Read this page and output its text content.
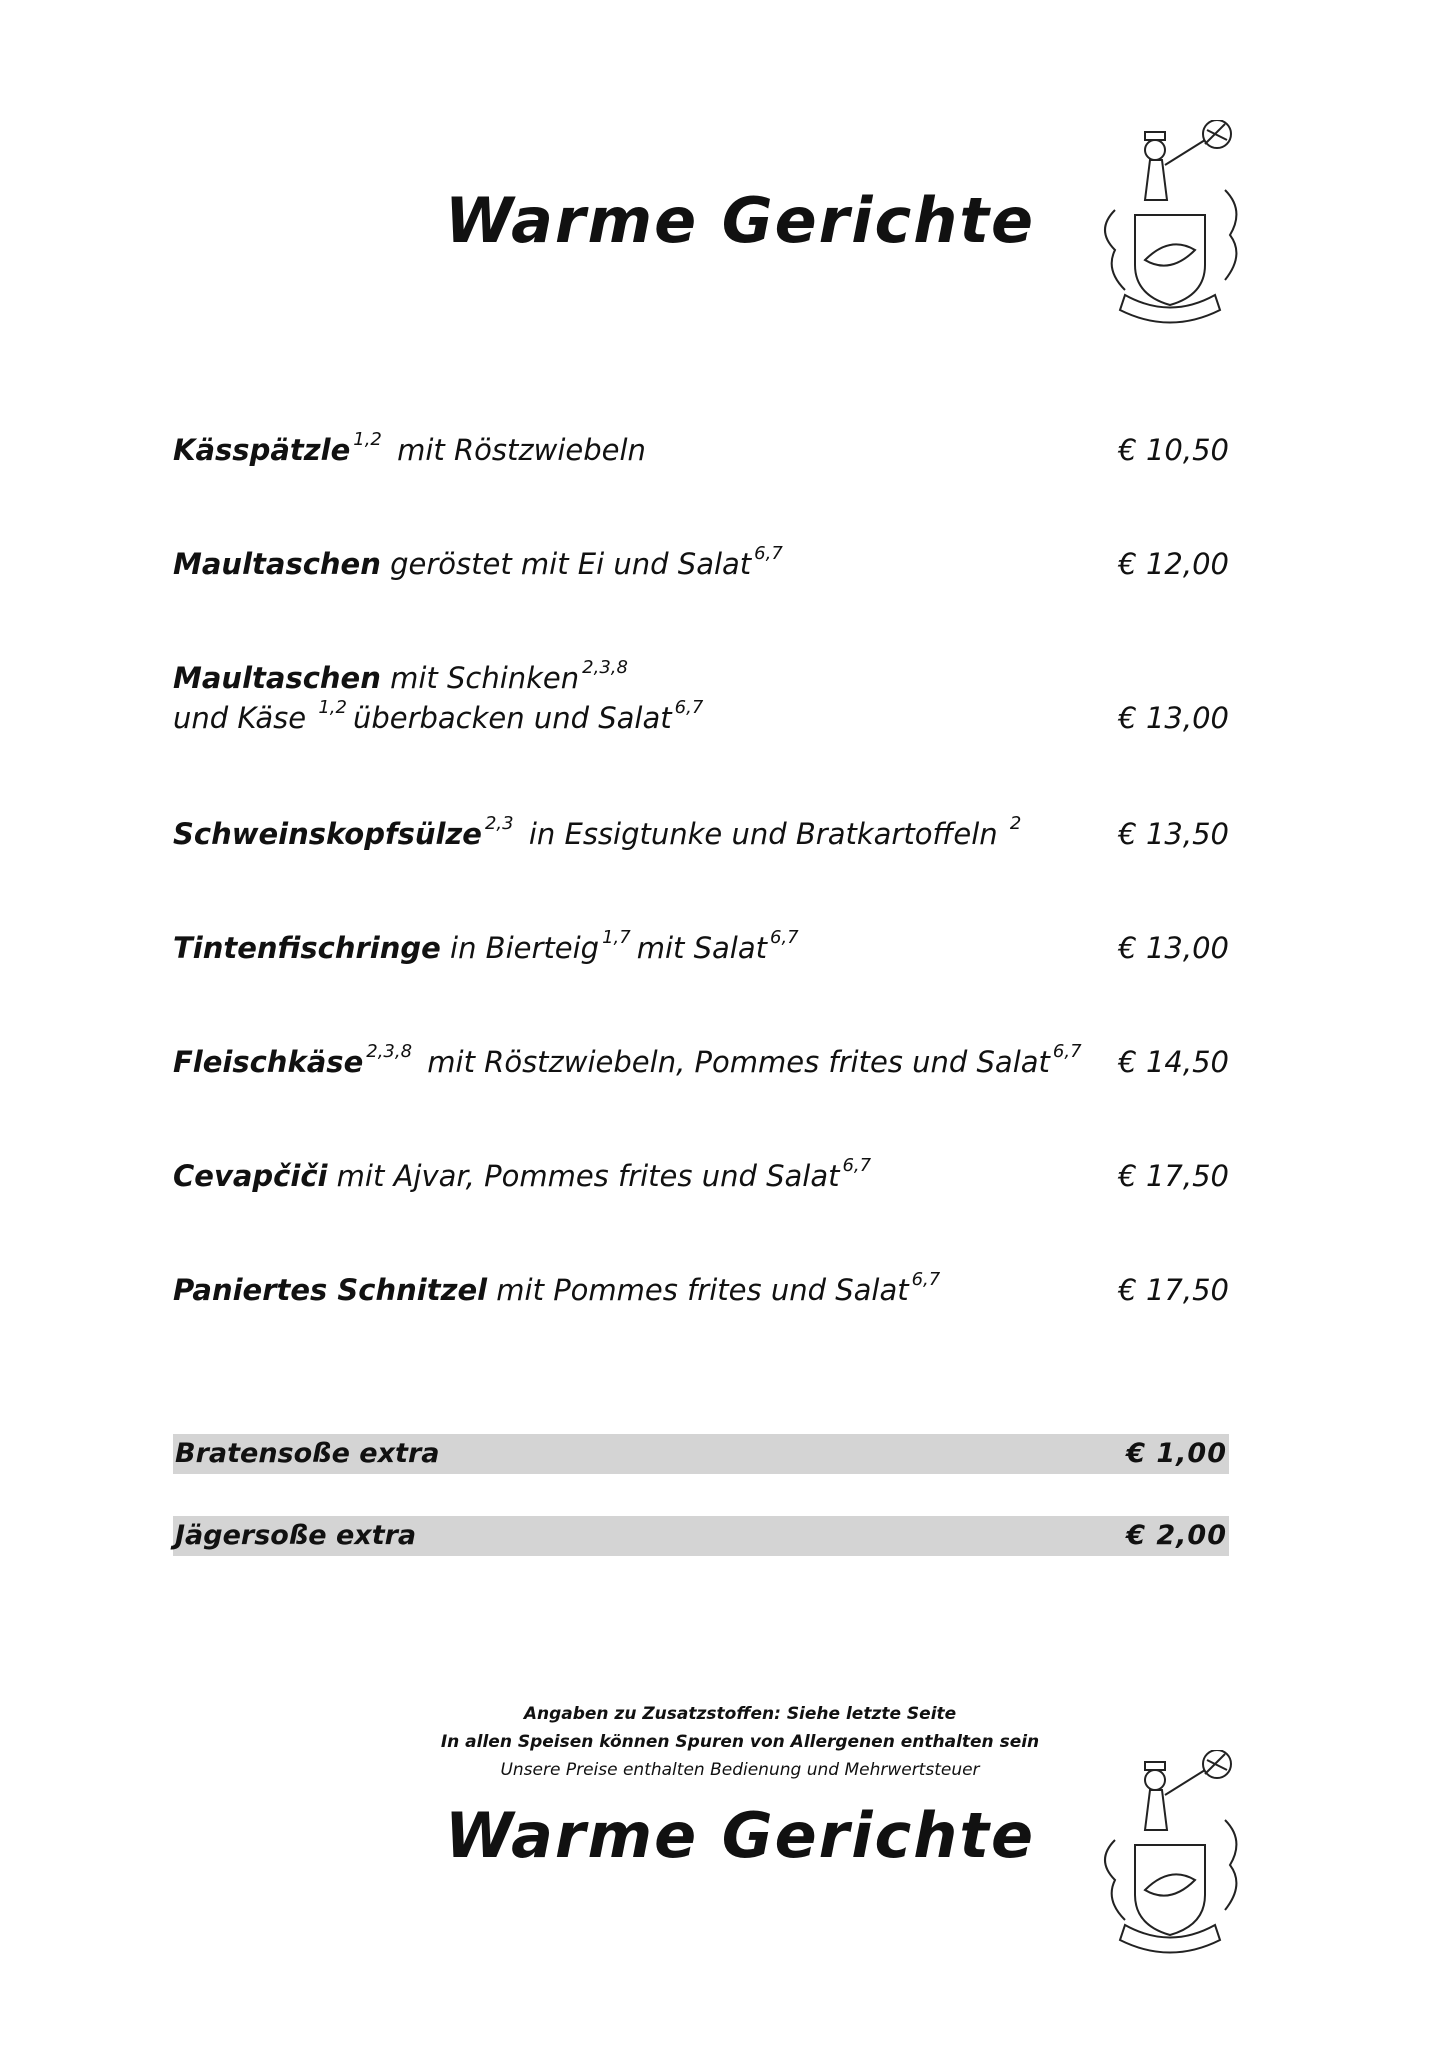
Warme Gerichte
Kässpätzle $^{1,2}$ mit Röstzwiebeln	€ 10,50
Maultaschen geröstet mit Ei und Salat $^{6,7}$	€ 12,00
Maultaschen mit Schinken $^{2,3,8}$
und Käse $^{1,2}$ überbacken und Salat $^{6,7}$	€ 13,00
Schweinskopfsülze $^{2,3}$ in Essigtunke und Bratkartoffeln $^2$	€ 13,50
Tintenfischringe in Bierteig $^{1,7}$ mit Salat $^{6,7}$	€ 13,00
Fleischkäse $^{2,3,8}$ mit Röstzwiebeln, Pommes frites und Salat $^{6,7}$ € 14,50
Cevapčiči mit Ajvar, Pommes frites und Salat $^{6,7}$	€ 17,50
Paniertes Schnitzel mit Pommes frites und Salat $^{6,7}$	€ 17,50
Bratensoße extra	€ 1,00
Jägersoße extra	€ 2,00
Angaben zu Zusatzstoffen: Siehe letzte Seite
In allen Speisen können Spuren von Allergenen enthalten sein
Unsere Preise enthalten Bedienung und Mehrwertsteuer
Warme Gerichte
